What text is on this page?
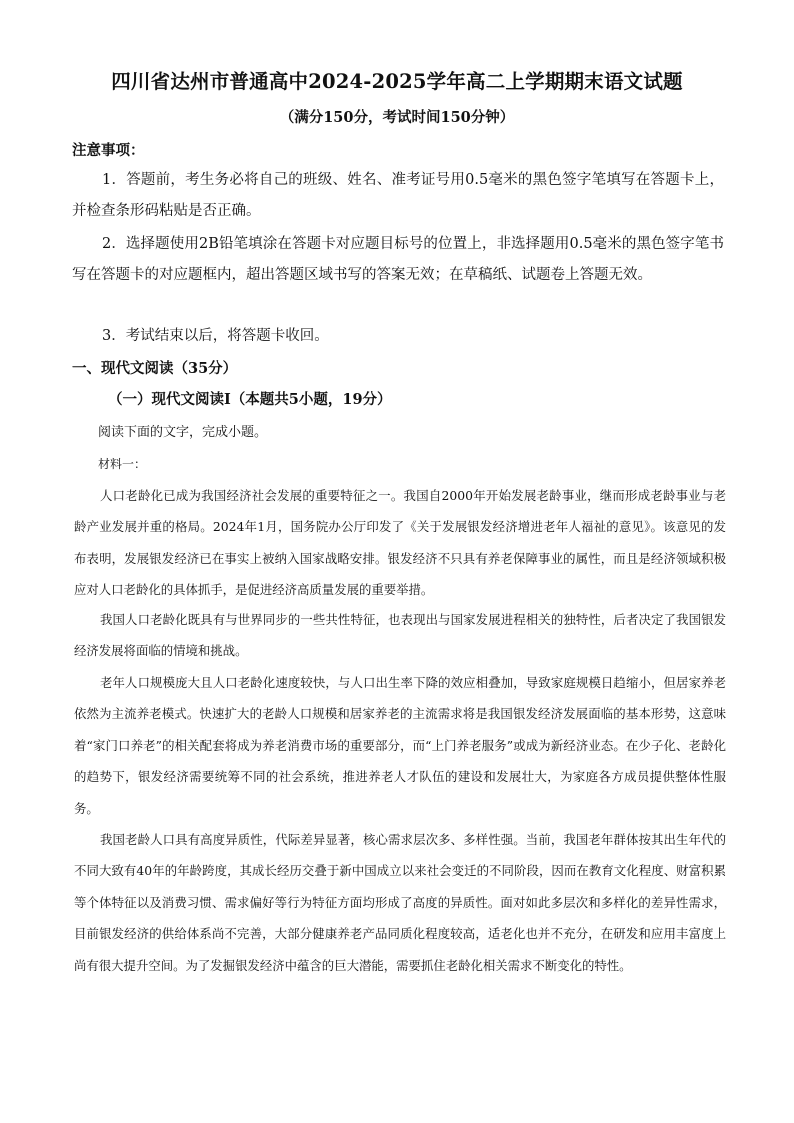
四川省达州市普通高中2024-2025学年高二上学期期末语文试题
（满分150分，考试时间150分钟）
注意事项：
1．答题前，考生务必将自己的班级、姓名、准考证号用0.5毫米的黑色签字笔填写在答题卡上，并检查条形码粘贴是否正确。
2．选择题使用2B铅笔填涂在答题卡对应题目标号的位置上，非选择题用0.5毫米的黑色签字笔书写在答题卡的对应题框内，超出答题区域书写的答案无效；在草稿纸、试题卷上答题无效。
3．考试结束以后，将答题卡收回。
一、现代文阅读（35分）
（一）现代文阅读Ⅰ（本题共5小题，19分）
阅读下面的文字，完成小题。
材料一：
人口老龄化已成为我国经济社会发展的重要特征之一。我国自2000年开始发展老龄事业，继而形成老龄事业与老龄产业发展并重的格局。2024年1月，国务院办公厅印发了《关于发展银发经济增进老年人福祉的意见》。该意见的发布表明，发展银发经济已在事实上被纳入国家战略安排。银发经济不只具有养老保障事业的属性，而且是经济领域积极应对人口老龄化的具体抓手，是促进经济高质量发展的重要举措。
我国人口老龄化既具有与世界同步的一些共性特征，也表现出与国家发展进程相关的独特性，后者决定了我国银发经济发展将面临的情境和挑战。
老年人口规模庞大且人口老龄化速度较快，与人口出生率下降的效应相叠加，导致家庭规模日趋缩小，但居家养老依然为主流养老模式。快速扩大的老龄人口规模和居家养老的主流需求将是我国银发经济发展面临的基本形势，这意味着“家门口养老”的相关配套将成为养老消费市场的重要部分，而“上门养老服务”或成为新经济业态。在少子化、老龄化的趋势下，银发经济需要统筹不同的社会系统，推进养老人才队伍的建设和发展壮大，为家庭各方成员提供整体性服务。
我国老龄人口具有高度异质性，代际差异显著，核心需求层次多、多样性强。当前，我国老年群体按其出生年代的不同大致有40年的年龄跨度，其成长经历交叠于新中国成立以来社会变迁的不同阶段，因而在教育文化程度、财富积累等个体特征以及消费习惯、需求偏好等行为特征方面均形成了高度的异质性。面对如此多层次和多样化的差异性需求，目前银发经济的供给体系尚不完善，大部分健康养老产品同质化程度较高，适老化也并不充分，在研发和应用丰富度上尚有很大提升空间。为了发掘银发经济中蕴含的巨大潜能，需要抓住老龄化相关需求不断变化的特性。
